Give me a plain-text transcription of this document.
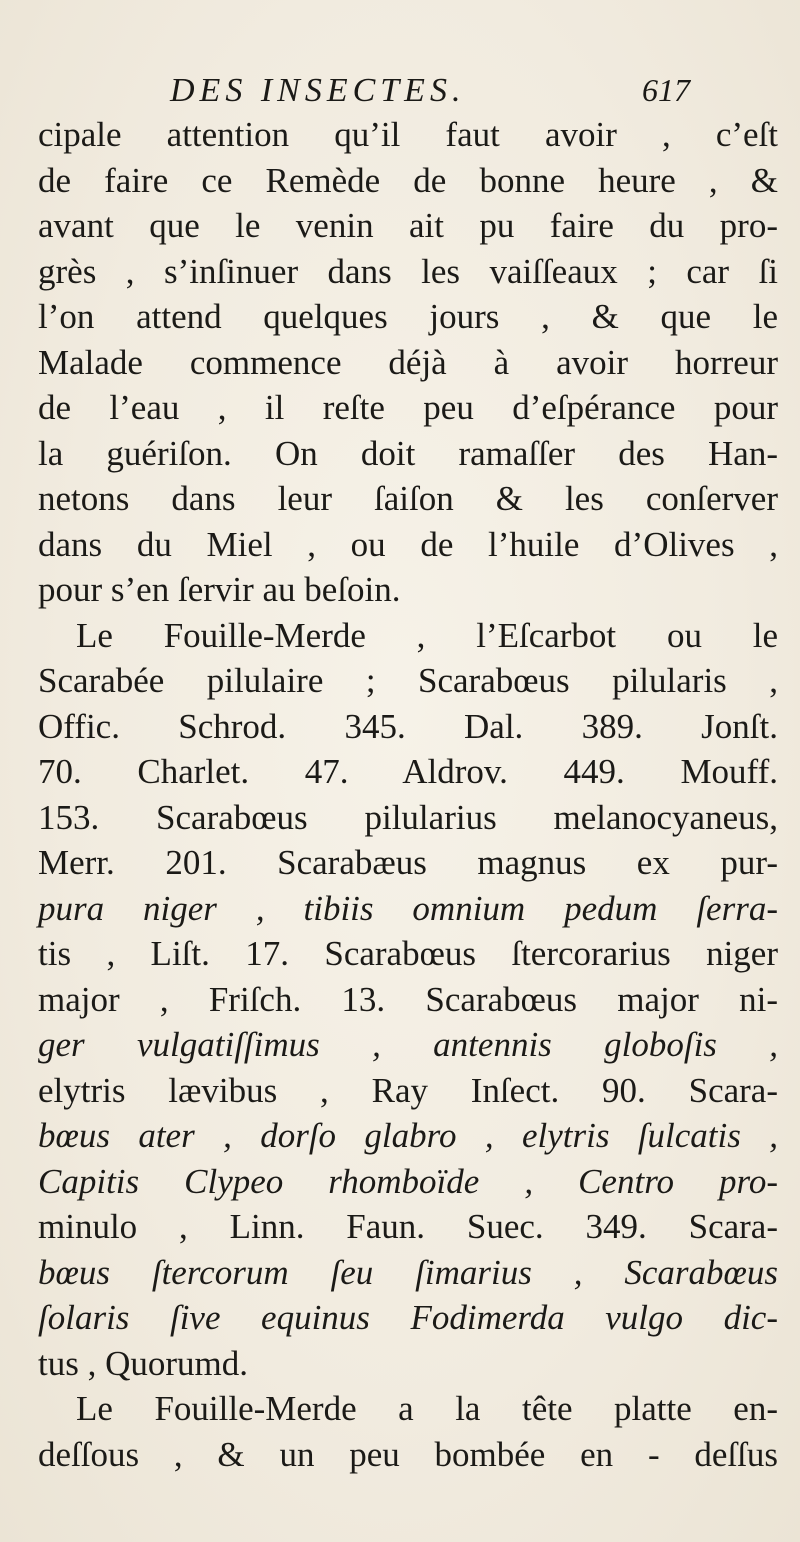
DES INSECTES.	617
cipale attention qu’il faut avoir , c’eſt
de faire ce Remède de bonne heure , &
avant que le venin ait pu faire du pro-
grès , s’inſinuer dans les vaiſſeaux ; car ſi
l’on attend quelques jours , & que le
Malade commence déjà à avoir horreur
de l’eau , il reſte peu d’eſpérance pour
la guériſon. On doit ramaſſer des Han-
netons dans leur ſaiſon & les conſerver
dans du Miel , ou de l’huile d’Olives ,
pour s’en ſervir au beſoin.
Le Fouille-Merde , l’Eſcarbot ou le
Scarabée pilulaire ; Scarabœus pilularis ,
Offic. Schrod. 345. Dal. 389. Jonſt.
70. Charlet. 47. Aldrov. 449. Mouff.
153. Scarabœus pilularius melanocyaneus,
Merr. 201. Scarabæus magnus ex pur-
pura niger , tibiis omnium pedum ſerra-
tis , Liſt. 17. Scarabœus ſtercorarius niger
major , Friſch. 13. Scarabœus major ni-
ger vulgatiſſimus , antennis globoſis ,
elytris lævibus , Ray Inſect. 90. Scara-
bœus ater , dorſo glabro , elytris ſulcatis ,
Capitis Clypeo rhomboïde , Centro pro-
minulo , Linn. Faun. Suec. 349. Scara-
bœus ſtercorum ſeu ſimarius , Scarabœus
ſolaris ſive equinus Fodimerda vulgo dic-
tus , Quorumd.
Le Fouille-Merde a la tête platte en-
deſſous , & un peu bombée en - deſſus
